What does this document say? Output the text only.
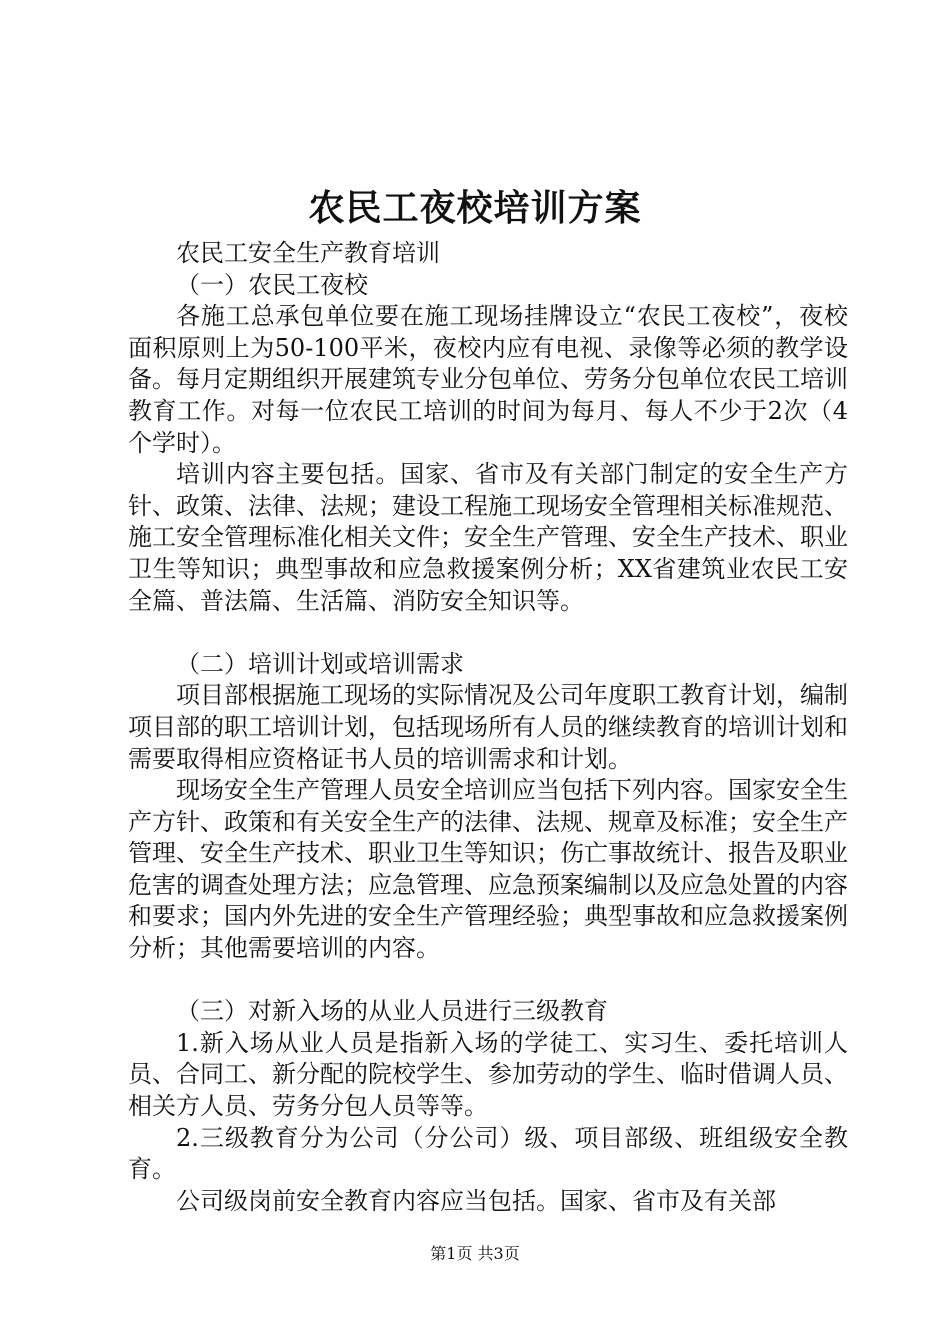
农民工夜校培训方案

农民工安全生产教育培训

（一）农民工夜校

各施工总承包单位要在施工现场挂牌设立“农民工夜校”，夜校面积原则上为50-100平米，夜校内应有电视、录像等必须的教学设备。每月定期组织开展建筑专业分包单位、劳务分包单位农民工培训教育工作。对每一位农民工培训的时间为每月、每人不少于2次（4个学时）。

培训内容主要包括。国家、省市及有关部门制定的安全生产方针、政策、法律、法规；建设工程施工现场安全管理相关标准规范、施工安全管理标准化相关文件；安全生产管理、安全生产技术、职业卫生等知识；典型事故和应急救援案例分析；XX省建筑业农民工安全篇、普法篇、生活篇、消防安全知识等。

（二）培训计划或培训需求

项目部根据施工现场的实际情况及公司年度职工教育计划，编制项目部的职工培训计划，包括现场所有人员的继续教育的培训计划和需要取得相应资格证书人员的培训需求和计划。

现场安全生产管理人员安全培训应当包括下列内容。国家安全生产方针、政策和有关安全生产的法律、法规、规章及标准；安全生产管理、安全生产技术、职业卫生等知识；伤亡事故统计、报告及职业危害的调查处理方法；应急管理、应急预案编制以及应急处置的内容和要求；国内外先进的安全生产管理经验；典型事故和应急救援案例分析；其他需要培训的内容。

（三）对新入场的从业人员进行三级教育

1.新入场从业人员是指新入场的学徒工、实习生、委托培训人员、合同工、新分配的院校学生、参加劳动的学生、临时借调人员、相关方人员、劳务分包人员等等。

2.三级教育分为公司（分公司）级、项目部级、班组级安全教育。

公司级岗前安全教育内容应当包括。国家、省市及有关部

第1页 共3页
